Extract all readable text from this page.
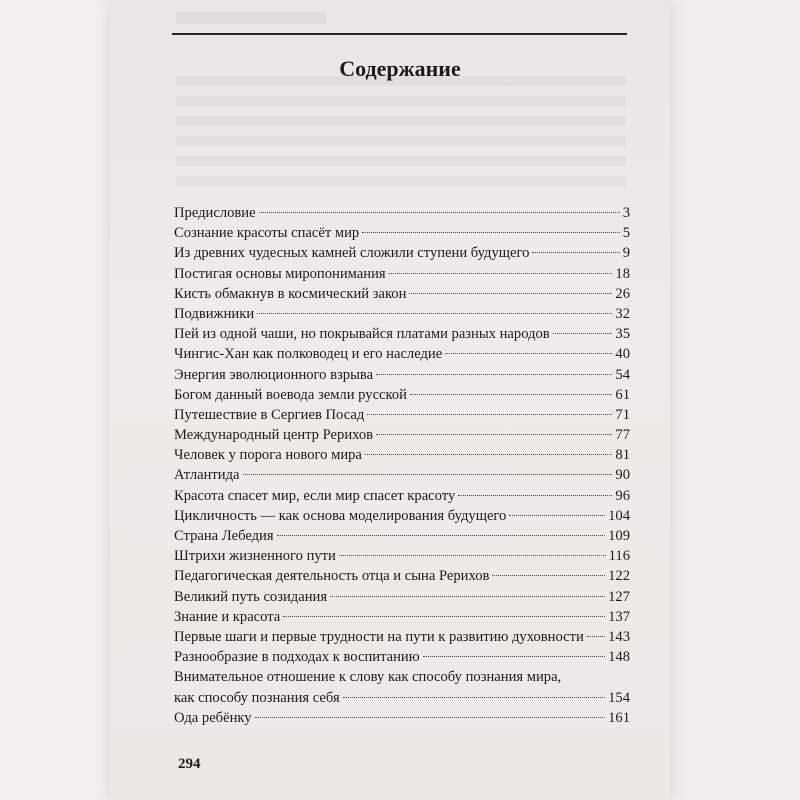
Содержание
Предисловие	3
Сознание красоты спасёт мир	5
Из древних чудесных камней сложили ступени будущего	9
Постигая основы миропонимания	18
Кисть обмакнув в космический закон	26
Подвижники	32
Пей из одной чаши, но покрывайся платами разных народов	35
Чингис-Хан как полководец и его наследие	40
Энергия эволюционного взрыва	54
Богом данный воевода земли русской	61
Путешествие в Сергиев Посад	71
Международный центр Рерихов	77
Человек у порога нового мира	81
Атлантида	90
Красота спасет мир, если мир спасет красоту	96
Цикличность — как основа моделирования будущего	104
Страна Лебедия	109
Штрихи жизненного пути	116
Педагогическая деятельность отца и сына Рерихов	122
Великий путь созидания	127
Знание и красота	137
Первые шаги и первые трудности на пути к развитию духовности 143
Разнообразие в подходах к воспитанию	148
Внимательное отношение к слову как способу познания мира,
как способу познания себя	154
Ода ребёнку	161
294
